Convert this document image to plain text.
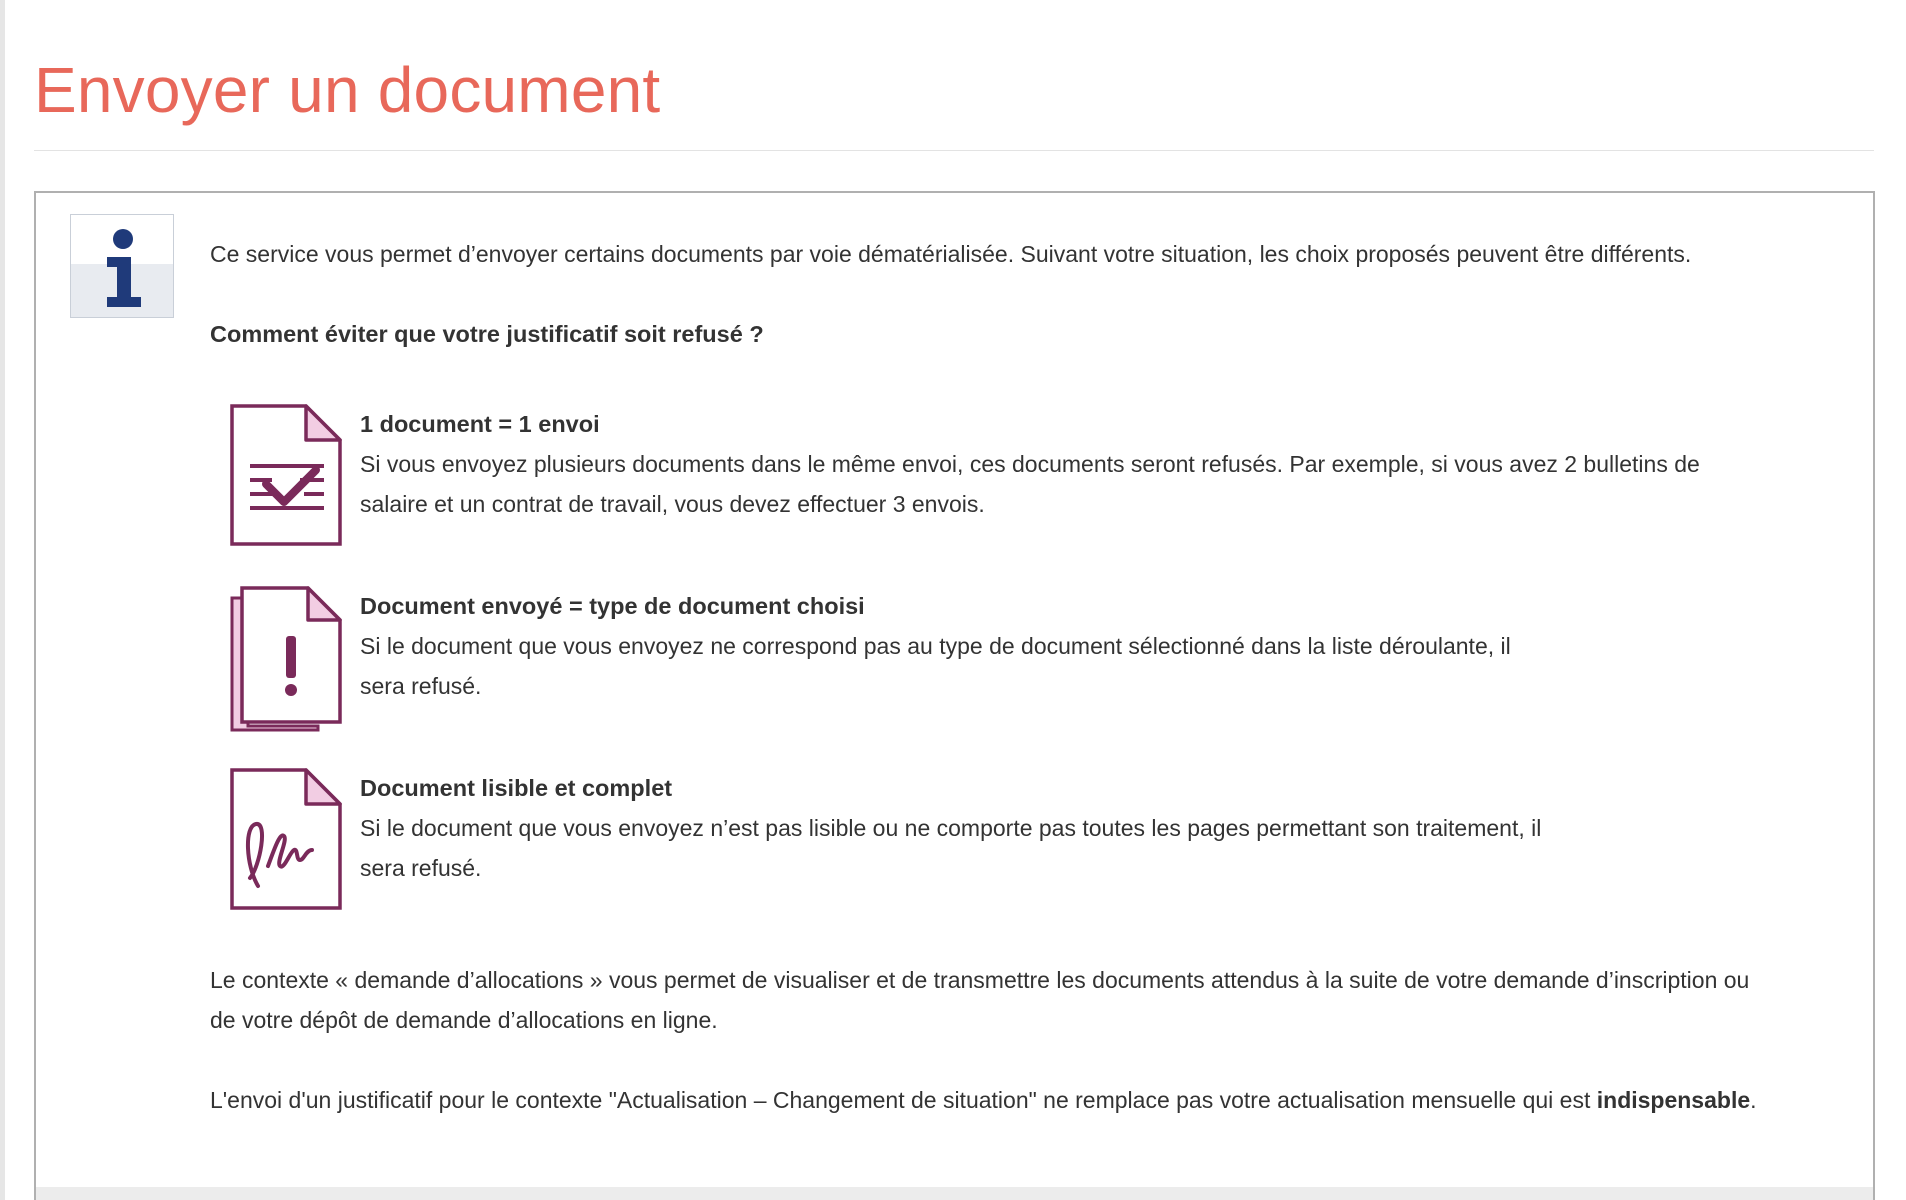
Envoyer un document
Ce service vous permet d’envoyer certains documents par voie dématérialisée. Suivant votre situation, les choix proposés peuvent être différents.
Comment éviter que votre justificatif soit refusé ?
1 document = 1 envoi
Si vous envoyez plusieurs documents dans le même envoi, ces documents seront refusés. Par exemple, si vous avez 2 bulletins de
salaire et un contrat de travail, vous devez effectuer 3 envois.
Document envoyé = type de document choisi
Si le document que vous envoyez ne correspond pas au type de document sélectionné dans la liste déroulante, il
sera refusé.
Document lisible et complet
Si le document que vous envoyez n’est pas lisible ou ne comporte pas toutes les pages permettant son traitement, il
sera refusé.
Le contexte « demande d’allocations » vous permet de visualiser et de transmettre les documents attendus à la suite de votre demande d’inscription ou
de votre dépôt de demande d’allocations en ligne.
L'envoi d'un justificatif pour le contexte "Actualisation – Changement de situation" ne remplace pas votre actualisation mensuelle qui est indispensable.
